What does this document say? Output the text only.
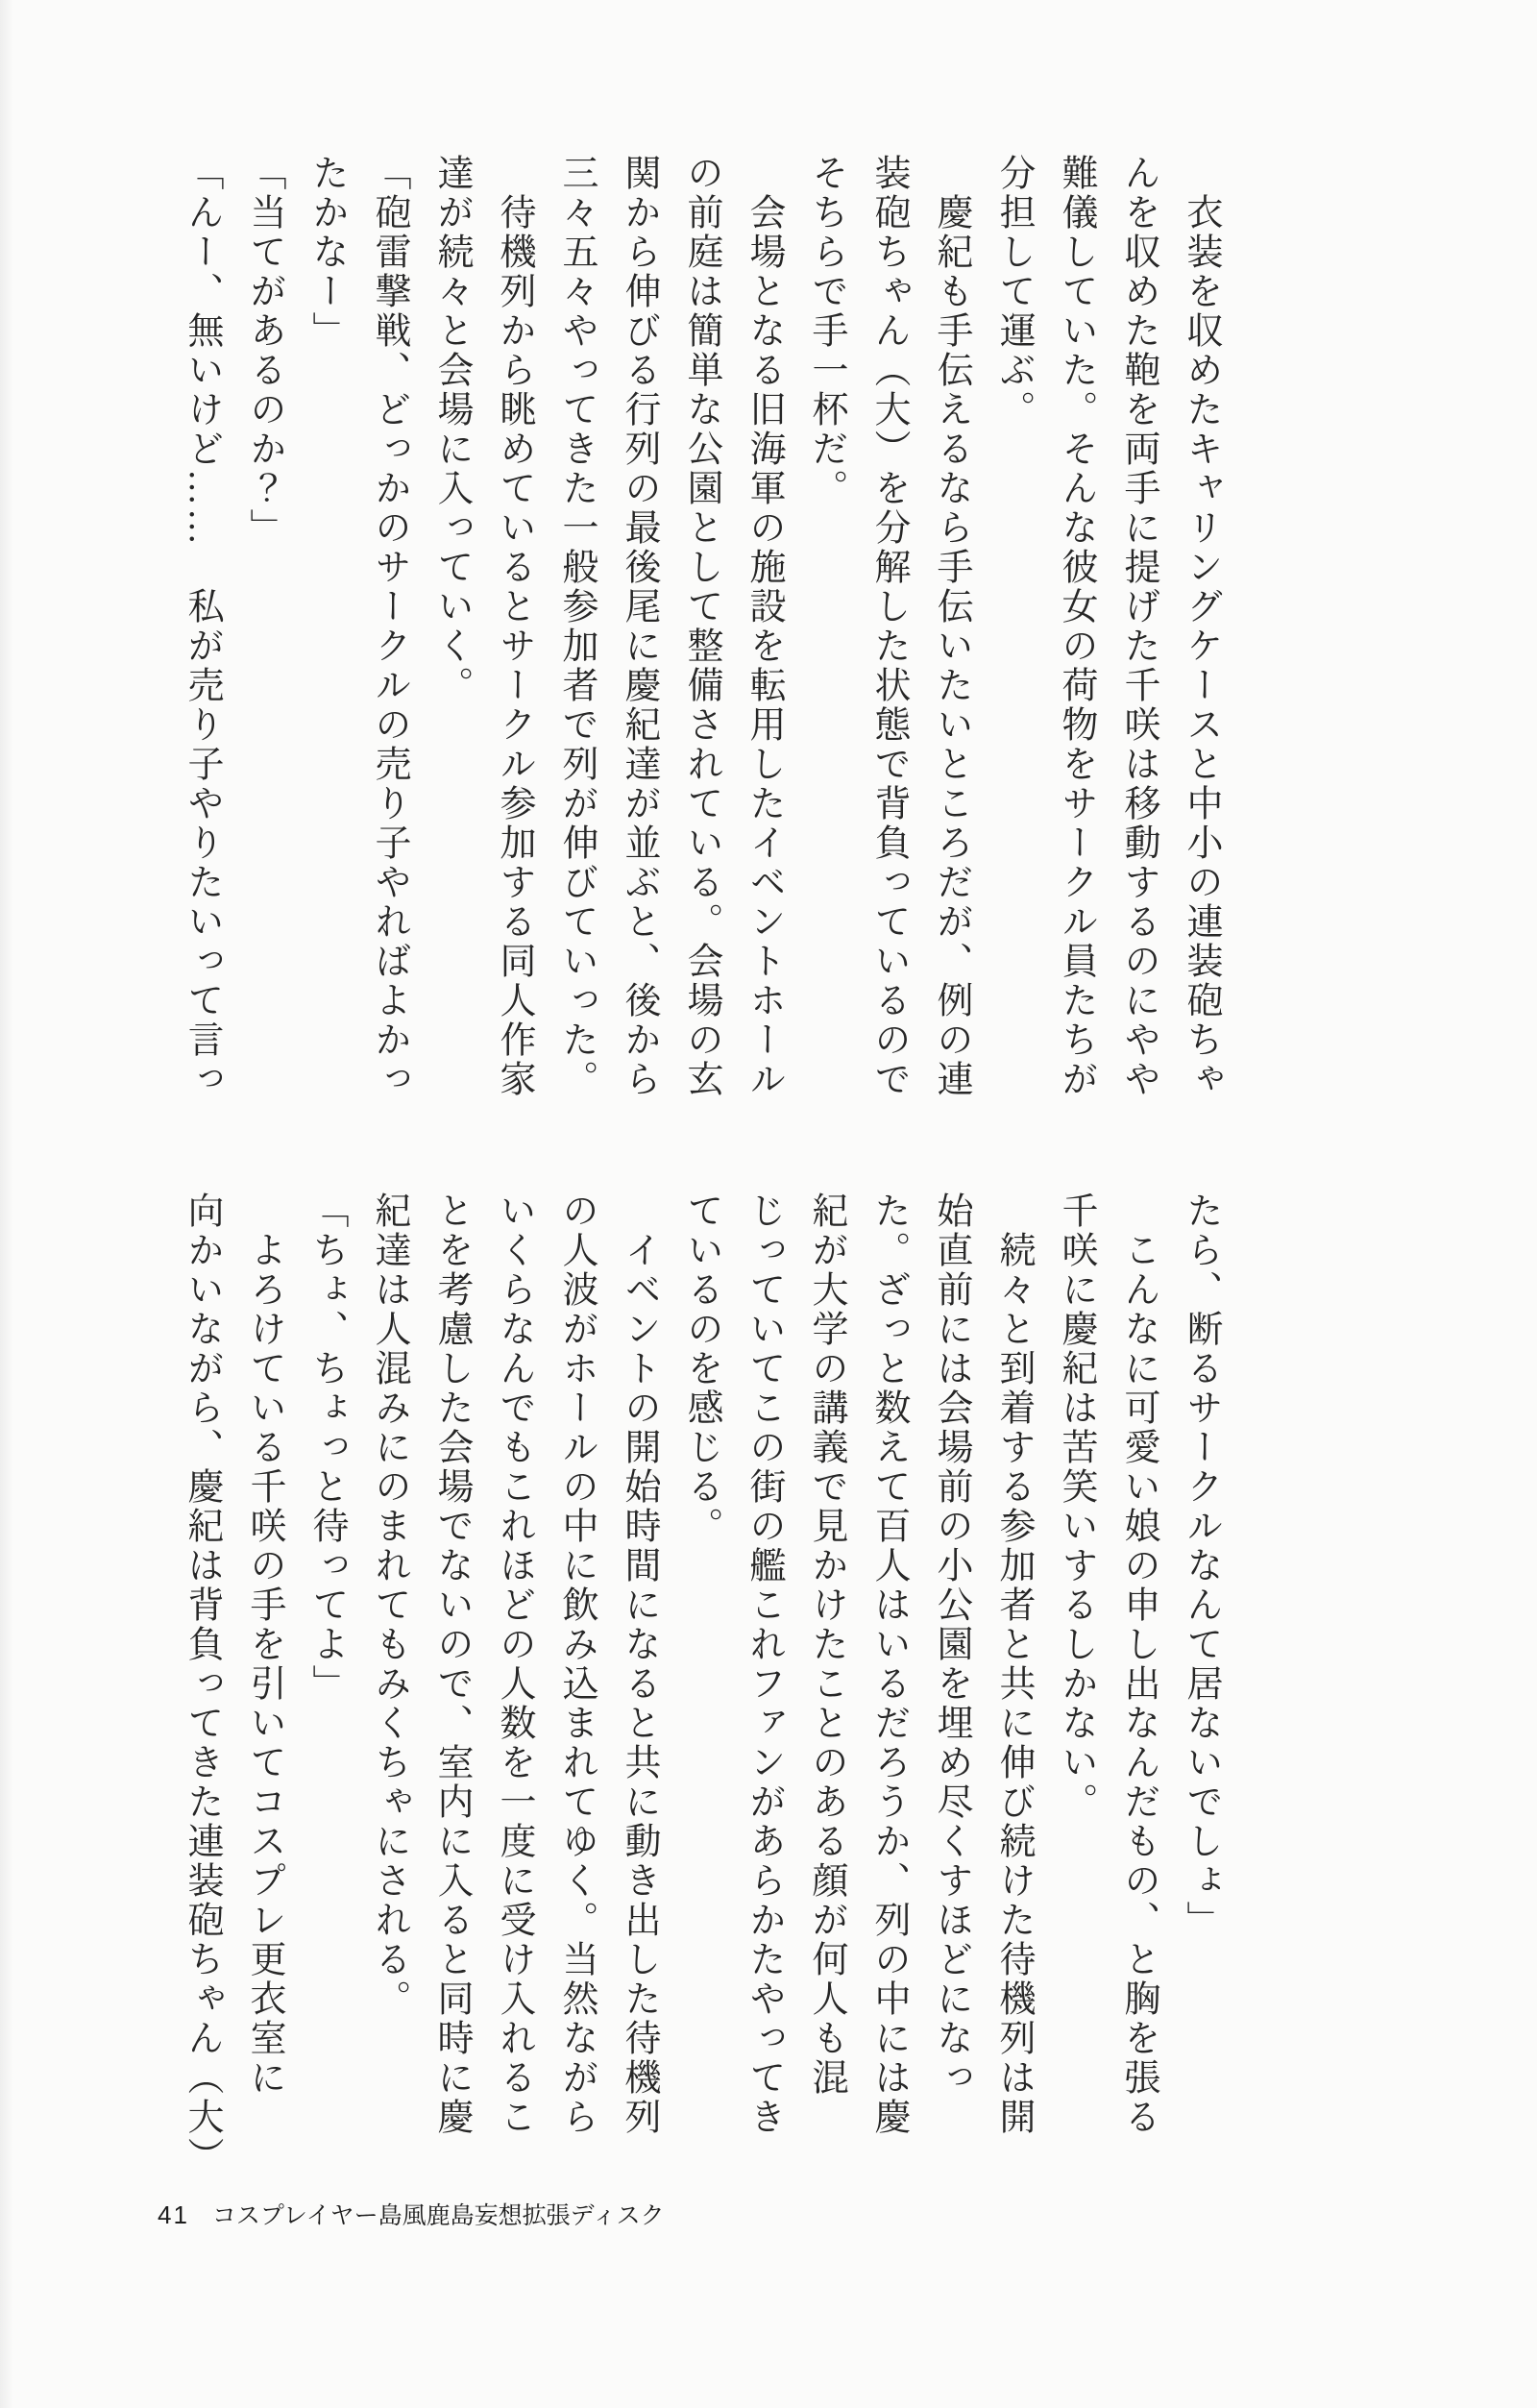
　衣装を収めたキャリングケースと中小の連装砲ちゃ

んを収めた鞄を両手に提げた千咲は移動するのにやや

難儀していた。そんな彼女の荷物をサークル員たちが

分担して運ぶ。

　慶紀も手伝えるなら手伝いたいところだが、例の連

装砲ちゃん（大）を分解した状態で背負っているので

そちらで手一杯だ。

　会場となる旧海軍の施設を転用したイベントホール

の前庭は簡単な公園として整備されている。会場の玄

関から伸びる行列の最後尾に慶紀達が並ぶと、後から

三々五々やってきた一般参加者で列が伸びていった。

　待機列から眺めているとサークル参加する同人作家

達が続々と会場に入っていく。

「砲雷撃戦、どっかのサークルの売り子やればよかっ

たかなー」

「当てがあるのか？」

「んー、無いけど……　私が売り子やりたいって言っ

たら、断るサークルなんて居ないでしょ」

　こんなに可愛い娘の申し出なんだもの、と胸を張る

千咲に慶紀は苦笑いするしかない。

　続々と到着する参加者と共に伸び続けた待機列は開

始直前には会場前の小公園を埋め尽くすほどになっ

た。ざっと数えて百人はいるだろうか、列の中には慶

紀が大学の講義で見かけたことのある顔が何人も混

じっていてこの街の艦これファンがあらかたやってき

ているのを感じる。

　イベントの開始時間になると共に動き出した待機列

の人波がホールの中に飲み込まれてゆく。当然ながら

いくらなんでもこれほどの人数を一度に受け入れるこ

とを考慮した会場でないので、室内に入ると同時に慶

紀達は人混みにのまれてもみくちゃにされる。

「ちょ、ちょっと待ってよ」

　よろけている千咲の手を引いてコスプレ更衣室に

向かいながら、慶紀は背負ってきた連装砲ちゃん（大）

41 コスプレイヤー島風鹿島妄想拡張ディスク
